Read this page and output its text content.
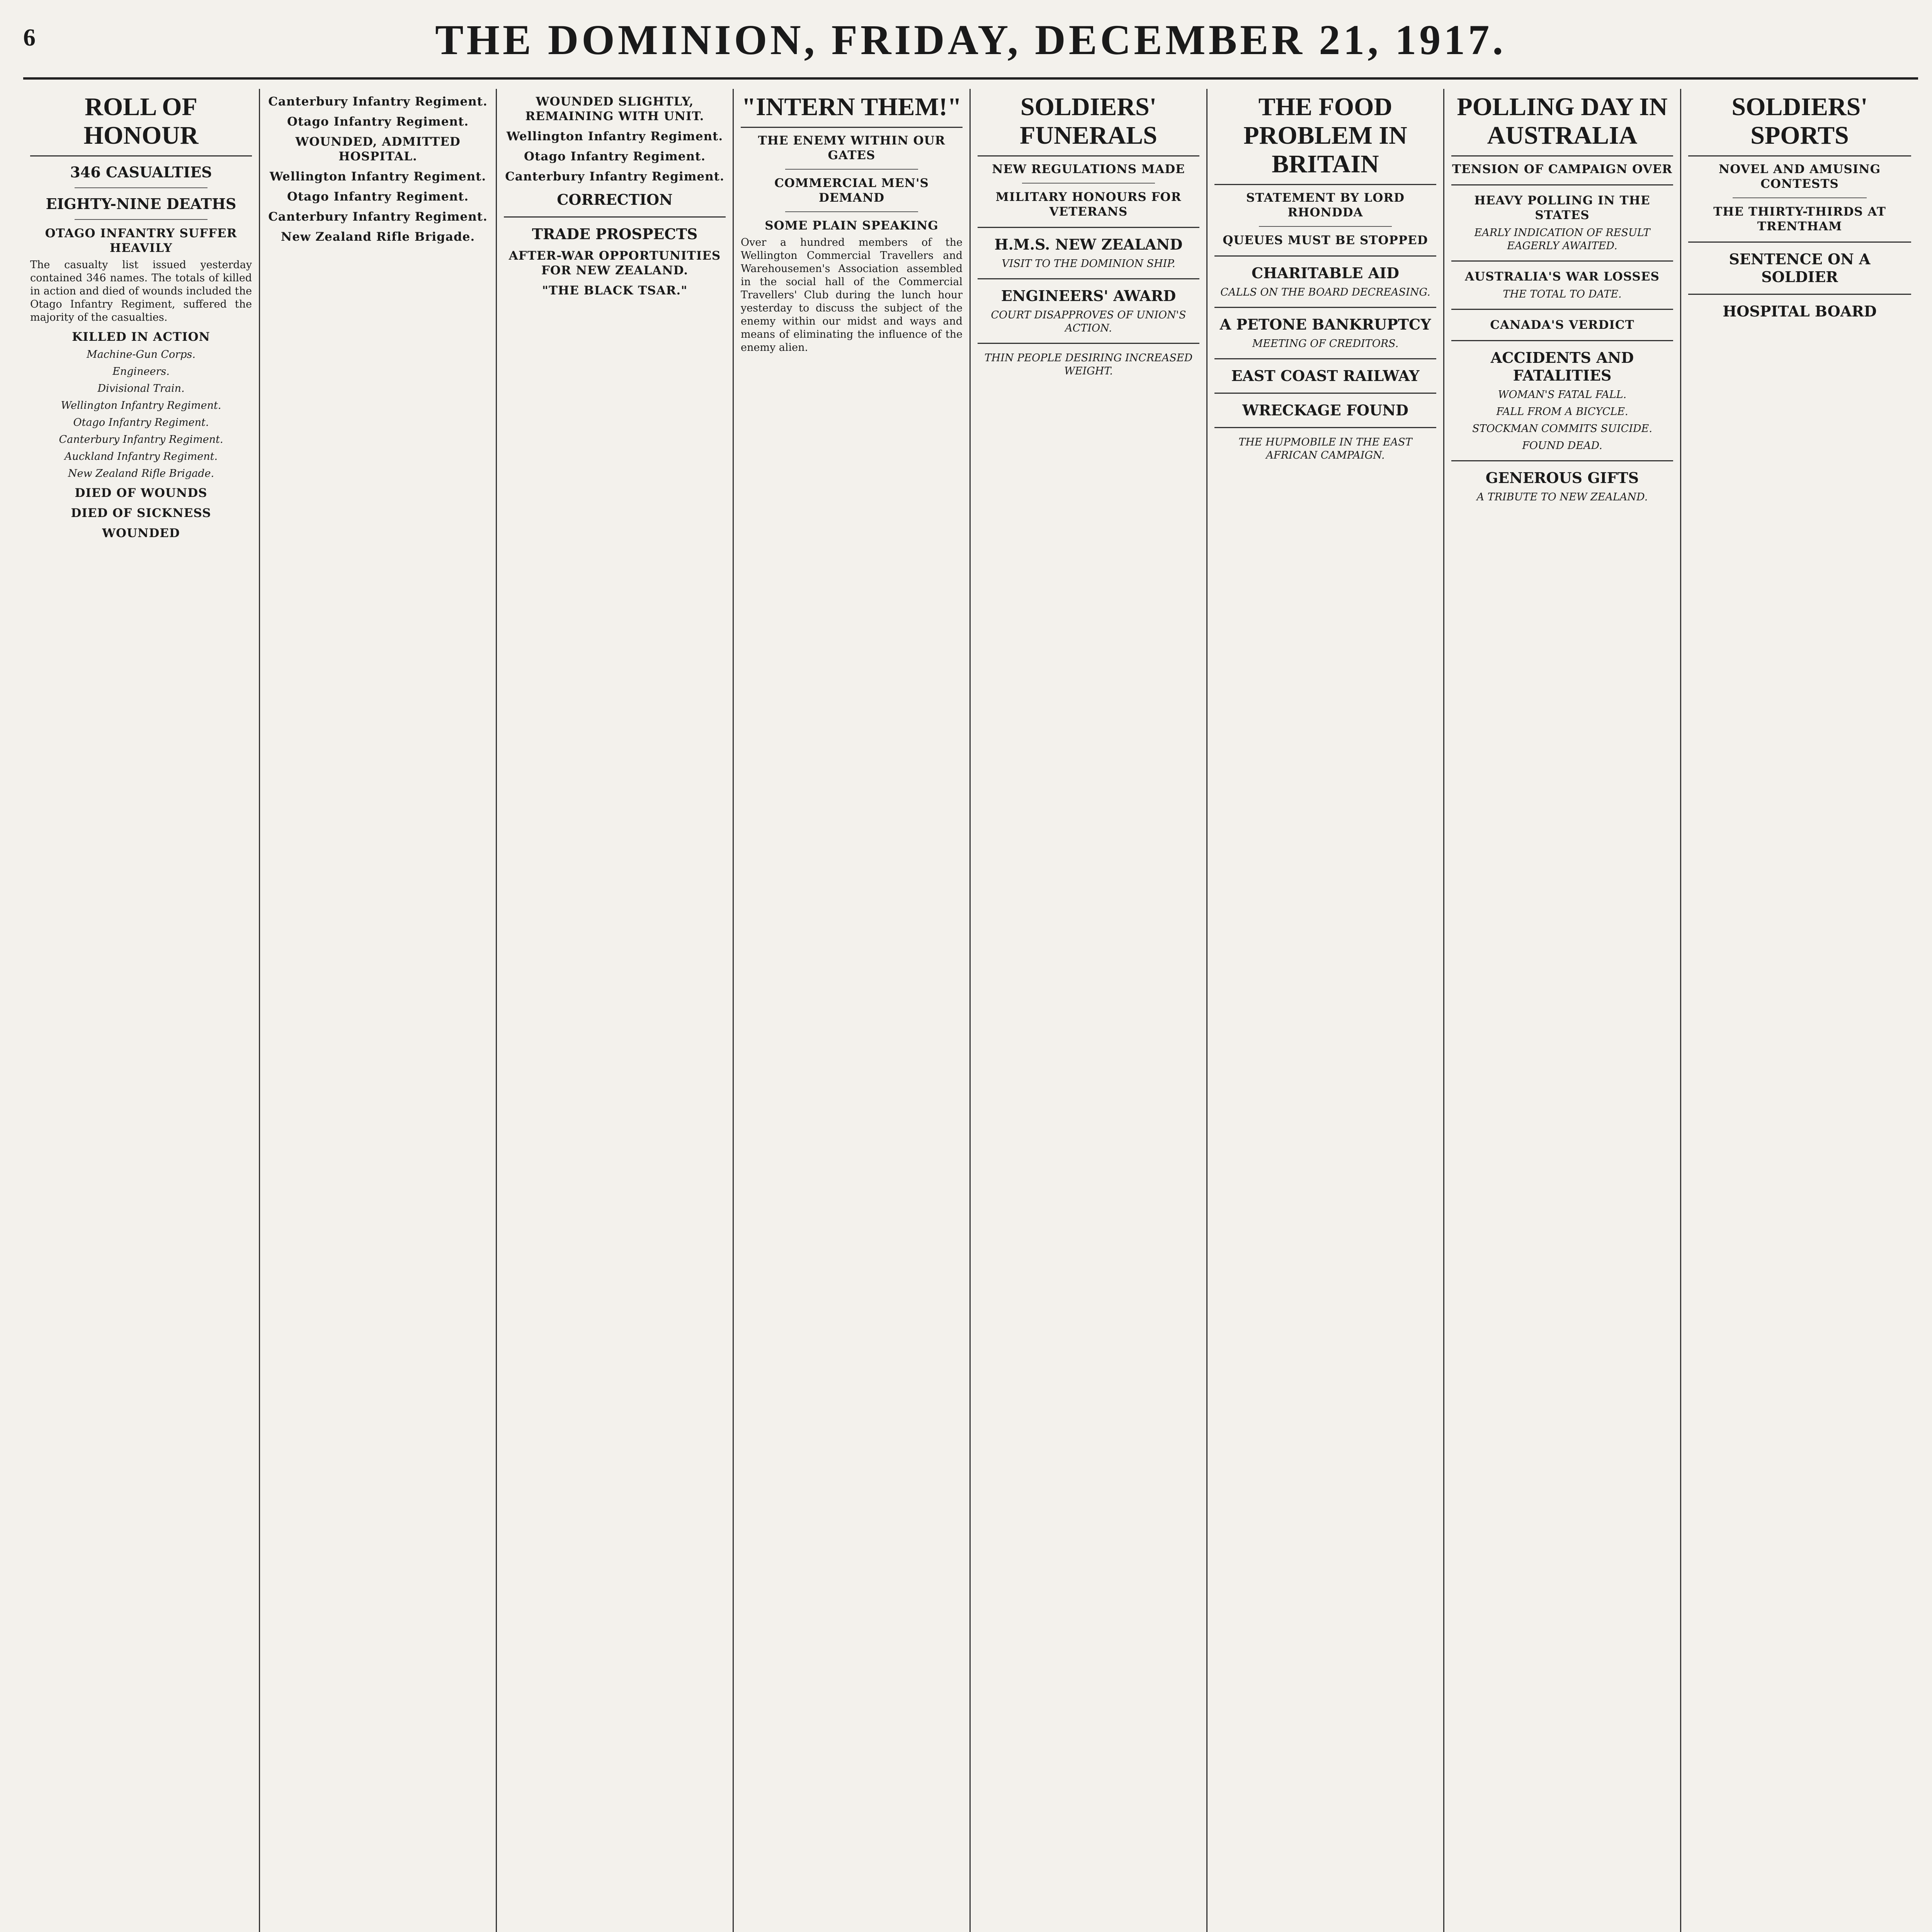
6	THE DOMINION, FRIDAY, DECEMBER 21, 1917.
ROLL OF HONOUR
346 CASUALTIES
EIGHTY-NINE DEATHS
OTAGO INFANTRY SUFFER HEAVILY

The casualty list issued yesterday contained 346 names. The totals of killed in action and died of wounds included the Otago Infantry Regiment, suffered the majority of the casualties.

KILLED IN ACTION
Machine-Gun Corps.
Engineers.
Divisional Train.
Wellington Infantry Regiment.
Otago Infantry Regiment.
Canterbury Infantry Regiment.
Auckland Infantry Regiment.
New Zealand Rifle Brigade.
DIED OF WOUNDS
DIED OF SICKNESS
WOUNDED
Canterbury Infantry Regiment.
Otago Infantry Regiment.
WOUNDED, ADMITTED HOSPITAL.
Wellington Infantry Regiment.
Otago Infantry Regiment.
Canterbury Infantry Regiment.
New Zealand Rifle Brigade.
WOUNDED SLIGHTLY, REMAINING WITH UNIT.
Wellington Infantry Regiment.
Otago Infantry Regiment.
Canterbury Infantry Regiment.
CORRECTION
TRADE PROSPECTS
AFTER-WAR OPPORTUNITIES FOR NEW ZEALAND.
"THE BLACK TSAR."
"INTERN THEM!"
THE ENEMY WITHIN OUR GATES
COMMERCIAL MEN'S DEMAND
SOME PLAIN SPEAKING

Over a hundred members of the Wellington Commercial Travellers and Warehousemen's Association assembled in the social hall of the Commercial Travellers' Club during the lunch hour yesterday to discuss the subject of the enemy within our midst and ways and means of eliminating the influence of the enemy alien.

SOLDIERS' FUNERALS
NEW REGULATIONS MADE
MILITARY HONOURS FOR VETERANS
H.M.S. NEW ZEALAND
VISIT TO THE DOMINION SHIP.
ENGINEERS' AWARD
COURT DISAPPROVES OF UNION'S ACTION.
THIN PEOPLE DESIRING INCREASED WEIGHT.
THE FOOD PROBLEM IN BRITAIN
STATEMENT BY LORD RHONDDA
QUEUES MUST BE STOPPED
CHARITABLE AID
CALLS ON THE BOARD DECREASING.
A PETONE BANKRUPTCY
MEETING OF CREDITORS.
EAST COAST RAILWAY
WRECKAGE FOUND
THE HUPMOBILE IN THE EAST AFRICAN CAMPAIGN.
POLLING DAY IN AUSTRALIA
TENSION OF CAMPAIGN OVER
HEAVY POLLING IN THE STATES
EARLY INDICATION OF RESULT EAGERLY AWAITED.
AUSTRALIA'S WAR LOSSES
THE TOTAL TO DATE.
CANADA'S VERDICT
ACCIDENTS AND FATALITIES
WOMAN'S FATAL FALL.
FALL FROM A BICYCLE.
STOCKMAN COMMITS SUICIDE.
FOUND DEAD.
GENEROUS GIFTS
A TRIBUTE TO NEW ZEALAND.
SOLDIERS' SPORTS
NOVEL AND AMUSING CONTESTS
THE THIRTY-THIRDS AT TRENTHAM
SENTENCE ON A SOLDIER
HOSPITAL BOARD
